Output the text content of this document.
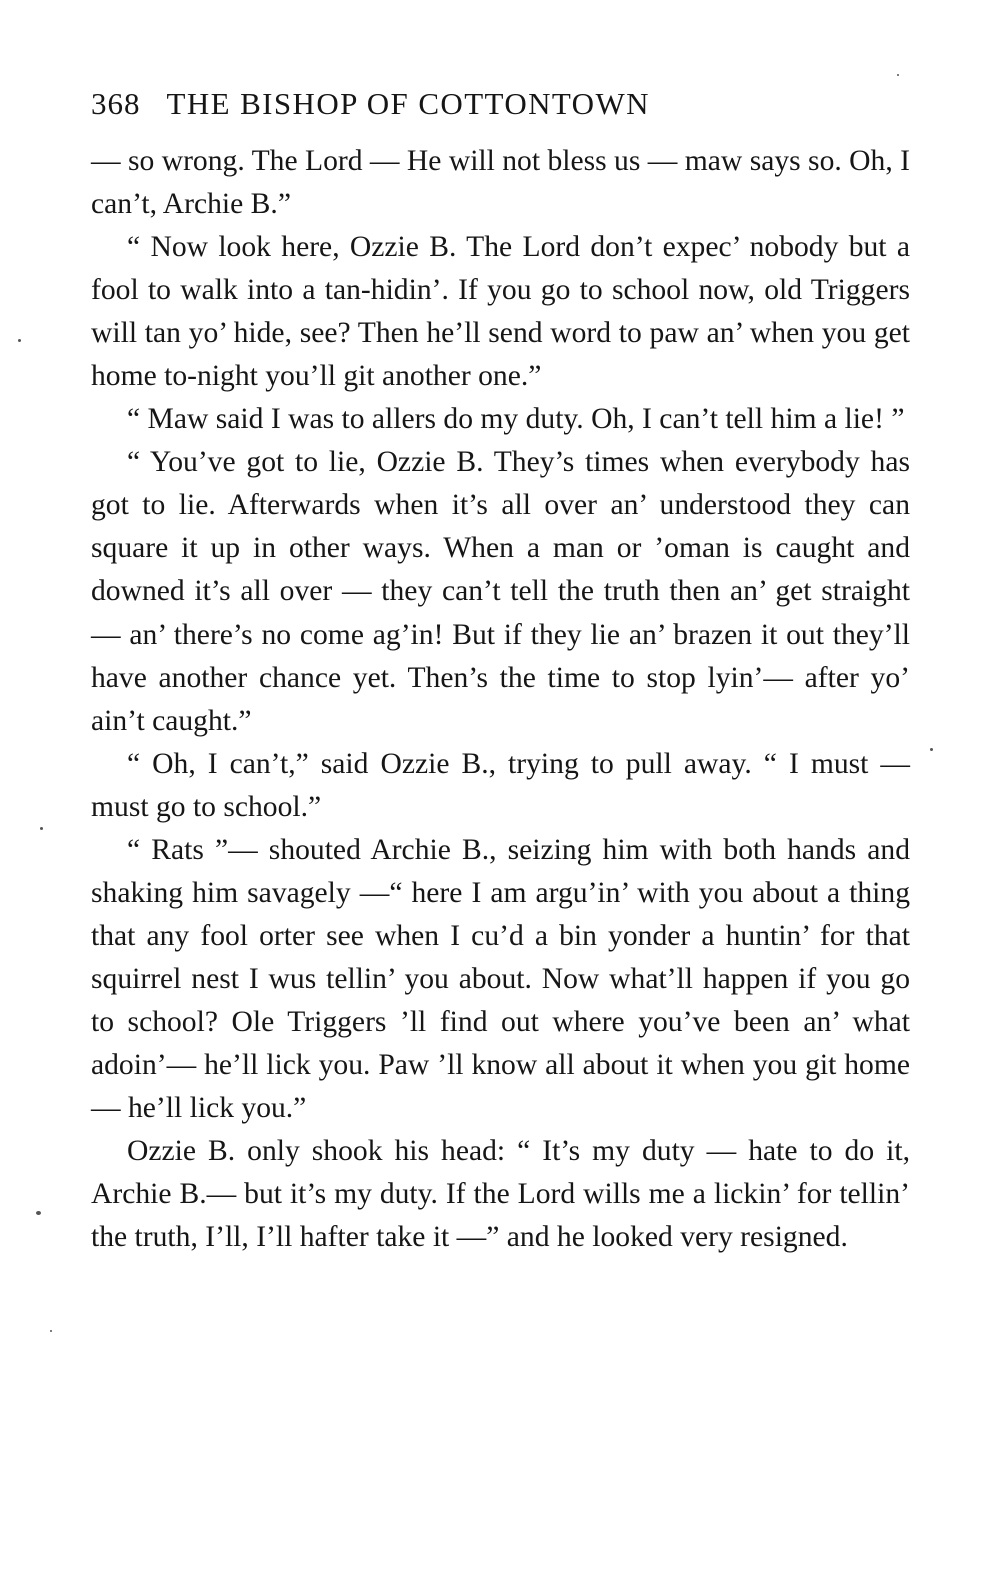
368 THE BISHOP OF COTTONTOWN

— so wrong. The Lord — He will not bless us — maw says so. Oh, I can’t, Archie B.”

“ Now look here, Ozzie B. The Lord don’t expec’ nobody but a fool to walk into a tan-hidin’. If you go to school now, old Triggers will tan yo’ hide, see? Then he’ll send word to paw an’ when you get home to-night you’ll git another one.”

“ Maw said I was to allers do my duty. Oh, I can’t tell him a lie! ”

“ You’ve got to lie, Ozzie B. They’s times when everybody has got to lie. Afterwards when it’s all over an’ understood they can square it up in other ways. When a man or ’oman is caught and downed it’s all over — they can’t tell the truth then an’ get straight — an’ there’s no come ag’in! But if they lie an’ brazen it out they’ll have another chance yet. Then’s the time to stop lyin’— after yo’ ain’t caught.”

“ Oh, I can’t,” said Ozzie B., trying to pull away. “ I must — must go to school.”

“ Rats ”— shouted Archie B., seizing him with both hands and shaking him savagely —“ here I am argu’in’ with you about a thing that any fool orter see when I cu’d a bin yonder a huntin’ for that squirrel nest I wus tellin’ you about. Now what’ll happen if you go to school? Ole Triggers ’ll find out where you’ve been an’ what adoin’— he’ll lick you. Paw ’ll know all about it when you git home — he’ll lick you.”

Ozzie B. only shook his head: “ It’s my duty — hate to do it, Archie B.— but it’s my duty. If the Lord wills me a lickin’ for tellin’ the truth, I’ll, I’ll hafter take it —” and he looked very resigned.
